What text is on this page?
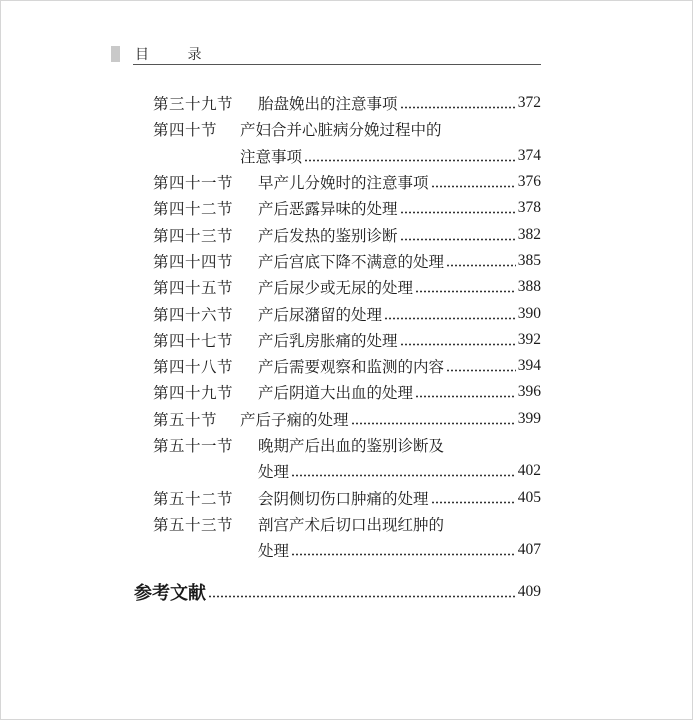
目 录
第三十九节	胎盘娩出的注意事项	372
第四十节	产妇合并心脏病分娩过程中的
注意事项	374
第四十一节	早产儿分娩时的注意事项	376
第四十二节	产后恶露异味的处理	378
第四十三节	产后发热的鉴别诊断	382
第四十四节	产后宫底下降不满意的处理	385
第四十五节	产后尿少或无尿的处理	388
第四十六节	产后尿潴留的处理	390
第四十七节	产后乳房胀痛的处理	392
第四十八节	产后需要观察和监测的内容	394
第四十九节	产后阴道大出血的处理	396
第五十节	产后子痫的处理	399
第五十一节	晚期产后出血的鉴别诊断及
处理	402
第五十二节	会阴侧切伤口肿痛的处理	405
第五十三节	剖宫产术后切口出现红肿的
处理	407
参考文献	409
